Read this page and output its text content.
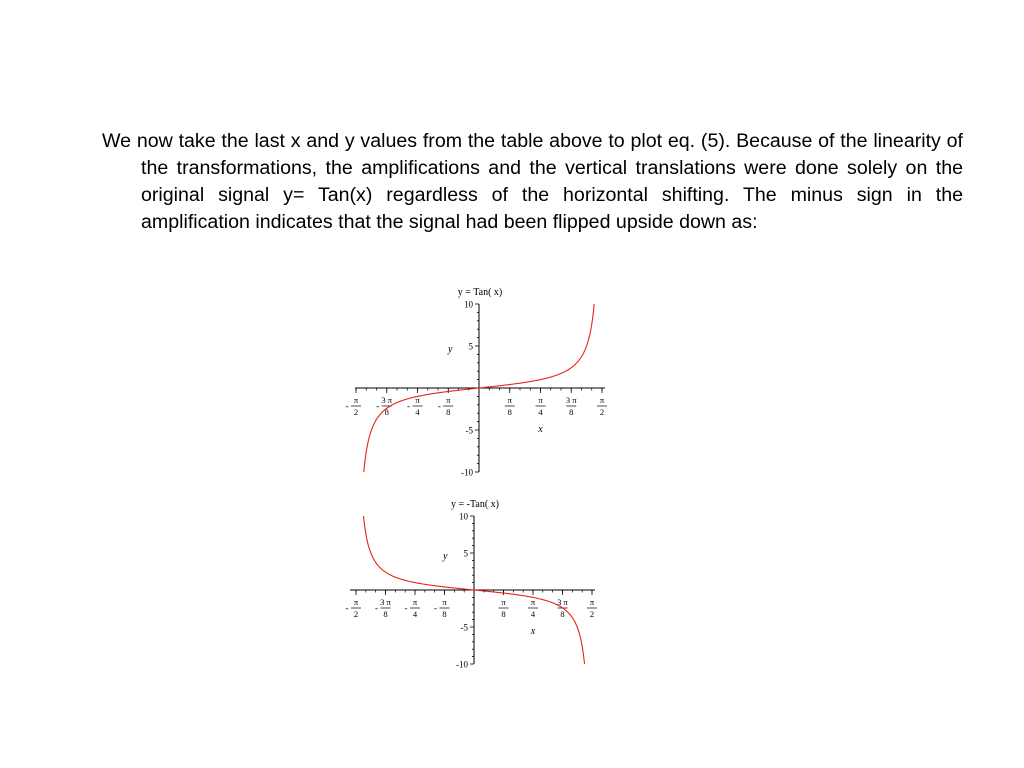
We now take the last x and y values from the table above to plot eq. (5). Because of the linearity of the transformations, the amplifications and the vertical translations were done solely on the original signal y= Tan(x) regardless of the horizontal shifting. The minus sign in the amplification indicates that the signal had been flipped upside down as:
y = Tan( x)
-10
-5
5
10
y
π
2
-
3 π
8
-
π
4
-
π
8
-
π
8
π
4
3 π
8
π
2
x
y = -Tan( x)
-10
-5
5
10
y
π
2
-
3 π
8
-
π
4
-
π
8
-
π
8
π
4
3 π
8
π
2
x
